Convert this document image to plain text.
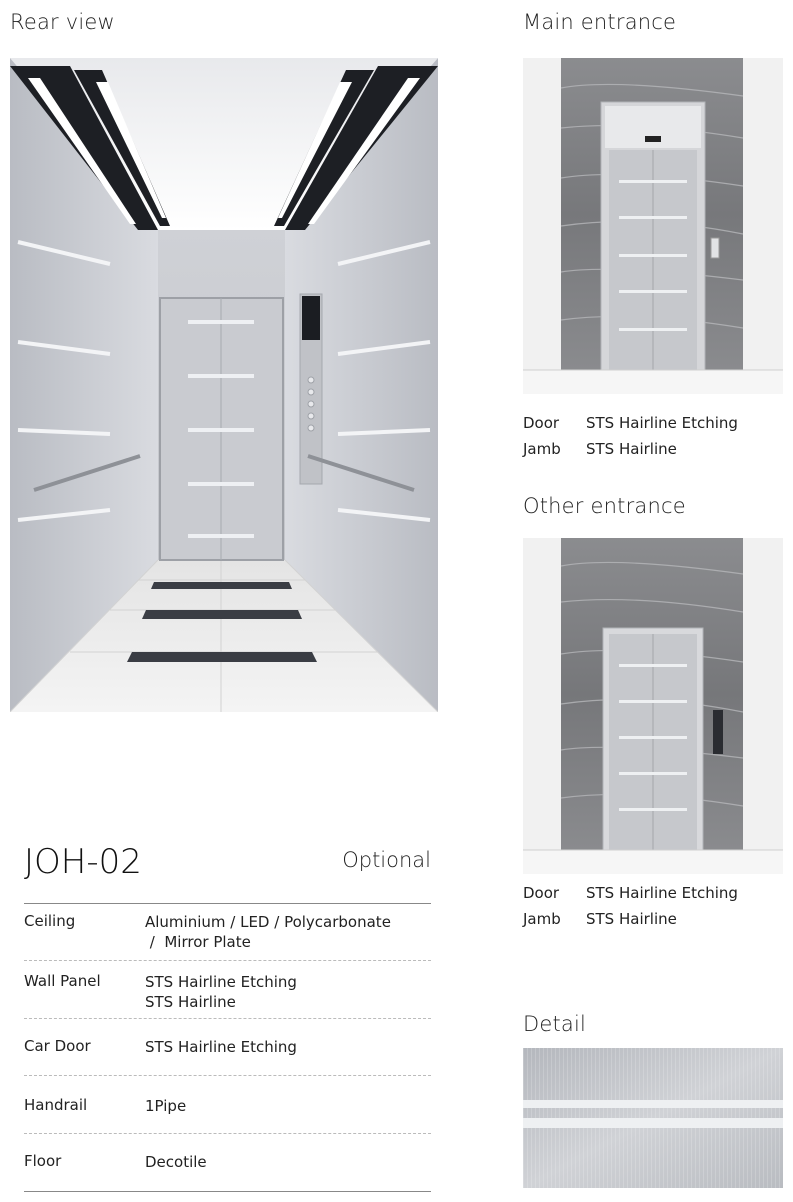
Rear view	Main entrance
Door	STS Hairline Etching
Jamb	STS Hairline
Other entrance
Door	STS Hairline Etching
Jamb	STS Hairline
Detail
JOH-02	Optional
Ceiling	Aluminium / LED / Polycarbonate
/  Mirror Plate
Wall Panel	STS Hairline Etching
STS Hairline
Car Door	STS Hairline Etching
Handrail	1Pipe
Floor	Decotile
